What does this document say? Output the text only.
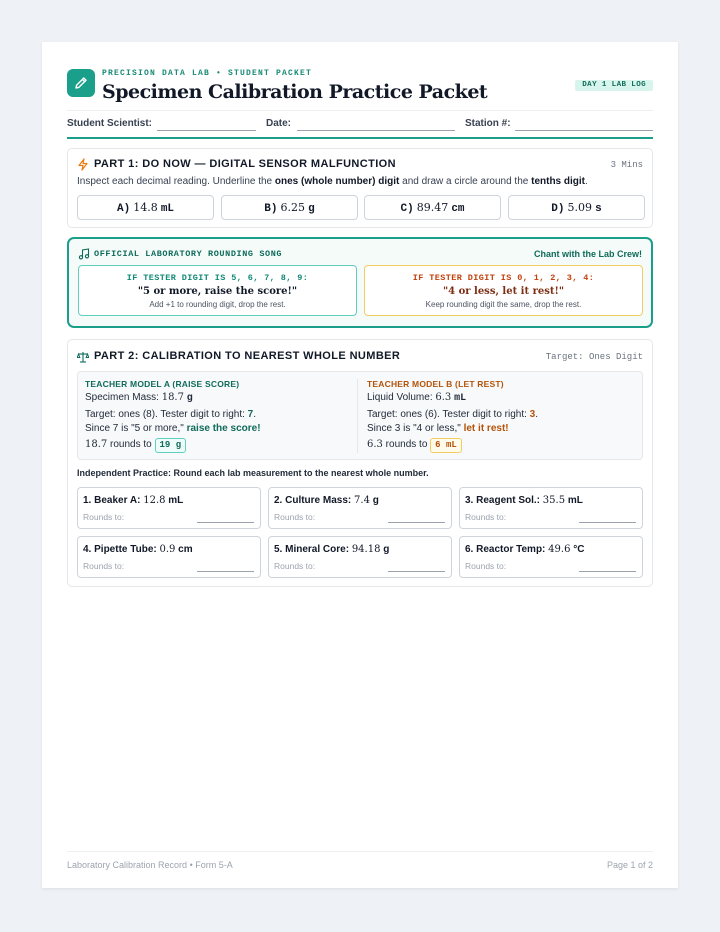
PRECISION DATA LAB • STUDENT PACKET
Specimen Calibration Practice Packet	DAY 1 LAB LOG
Student Scientist:	Date:	Station #:
PART 1: DO NOW — DIGITAL SENSOR MALFUNCTION	3 Mins
Inspect each decimal reading. Underline the ones (whole number) digit and draw a circle around the tenths digit.
A) 14.8 mL	B) 6.25 g	C) 89.47 cm	D) 5.09 s
OFFICIAL LABORATORY ROUNDING SONG	Chant with the Lab Crew!
IF TESTER DIGIT IS 5, 6, 7, 8, 9:
"5 or more, raise the score!"
Add +1 to rounding digit, drop the rest.
IF TESTER DIGIT IS 0, 1, 2, 3, 4:
"4 or less, let it rest!"
Keep rounding digit the same, drop the rest.
PART 2: CALIBRATION TO NEAREST WHOLE NUMBER	Target: Ones Digit
TEACHER MODEL A (RAISE SCORE)
Specimen Mass: 18.7 g
Target: ones (8). Tester digit to right: 7.
Since 7 is "5 or more," raise the score!
18.7 rounds to 19 g
TEACHER MODEL B (LET REST)
Liquid Volume: 6.3 mL
Target: ones (6). Tester digit to right: 3.
Since 3 is "4 or less," let it rest!
6.3 rounds to 6 mL
Independent Practice: Round each lab measurement to the nearest whole number.
1. Beaker A: 12.8 mL
Rounds to:
2. Culture Mass: 7.4 g
Rounds to:
3. Reagent Sol.: 35.5 mL
Rounds to:
4. Pipette Tube: 0.9 cm
Rounds to:
5. Mineral Core: 94.18 g
Rounds to:
6. Reactor Temp: 49.6 °C
Rounds to:
Laboratory Calibration Record • Form 5-A	Page 1 of 2
